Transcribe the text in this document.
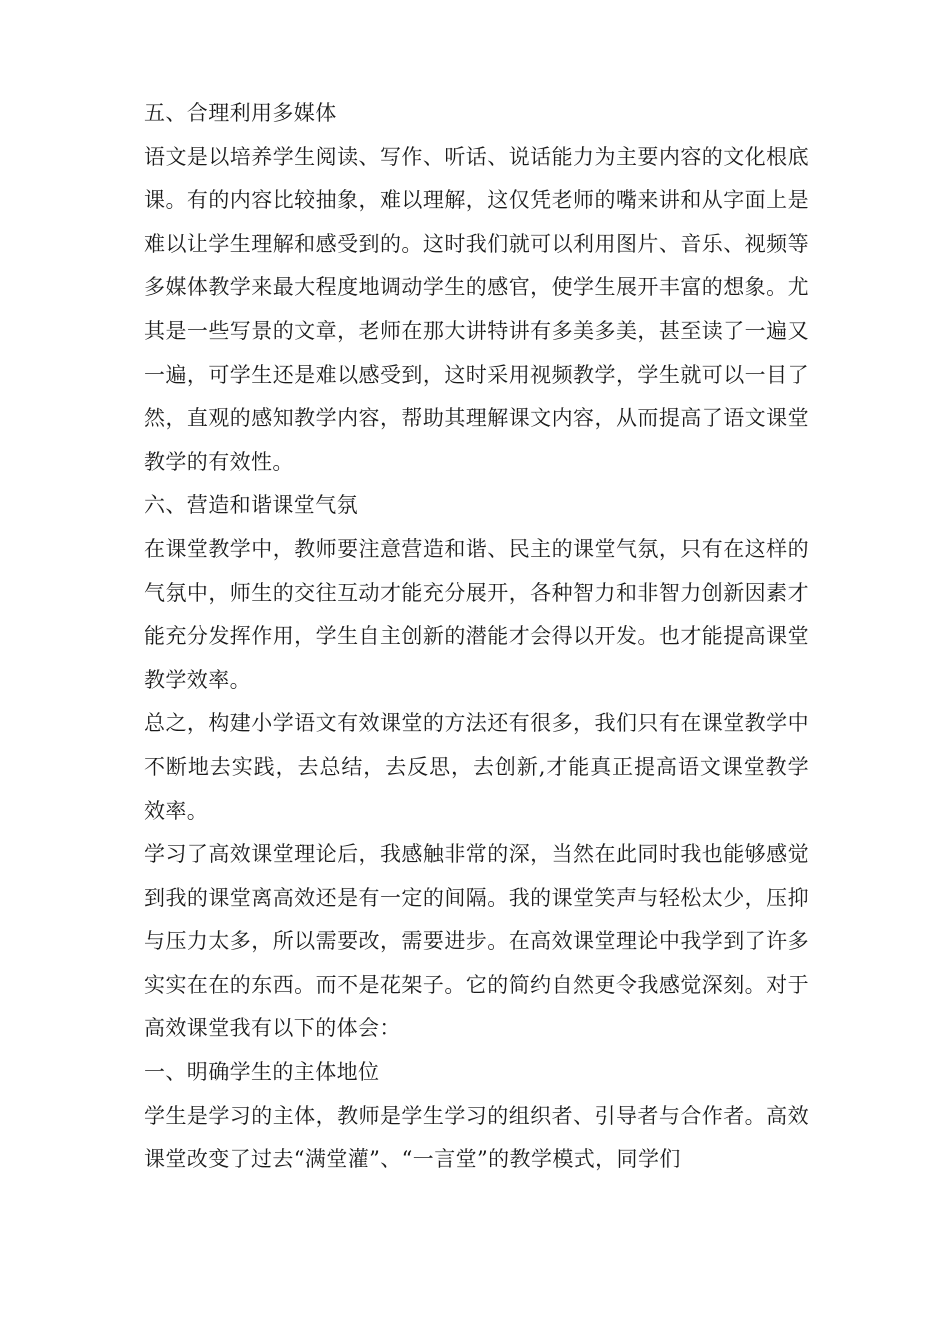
五、合理利用多媒体

语文是以培养学生阅读、写作、听话、说话能力为主要内容的文化根底课。有的内容比较抽象，难以理解，这仅凭老师的嘴来讲和从字面上是难以让学生理解和感受到的。这时我们就可以利用图片、音乐、视频等多媒体教学来最大程度地调动学生的感官，使学生展开丰富的想象。尤其是一些写景的文章，老师在那大讲特讲有多美多美，甚至读了一遍又一遍，可学生还是难以感受到，这时采用视频教学，学生就可以一目了然，直观的感知教学内容，帮助其理解课文内容，从而提高了语文课堂教学的有效性。

六、营造和谐课堂气氛

在课堂教学中，教师要注意营造和谐、民主的课堂气氛，只有在这样的气氛中，师生的交往互动才能充分展开，各种智力和非智力创新因素才能充分发挥作用，学生自主创新的潜能才会得以开发。也才能提高课堂教学效率。

总之，构建小学语文有效课堂的方法还有很多，我们只有在课堂教学中不断地去实践，去总结，去反思，去创新,才能真正提高语文课堂教学效率。

学习了高效课堂理论后，我感触非常的深，当然在此同时我也能够感觉到我的课堂离高效还是有一定的间隔。我的课堂笑声与轻松太少，压抑与压力太多，所以需要改，需要进步。在高效课堂理论中我学到了许多实实在在的东西。而不是花架子。它的简约自然更令我感觉深刻。对于高效课堂我有以下的体会：

一、明确学生的主体地位

学生是学习的主体，教师是学生学习的组织者、引导者与合作者。高效课堂改变了过去“满堂灌”、“一言堂”的教学模式，同学们
